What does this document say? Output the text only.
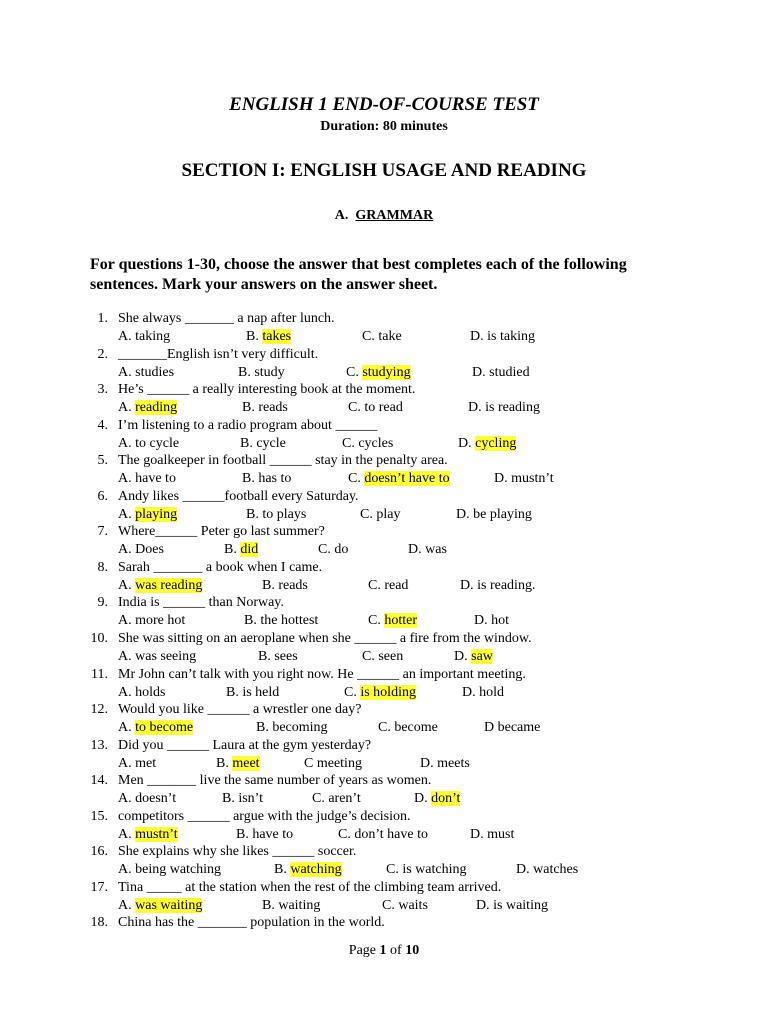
ENGLISH 1 END-OF-COURSE TEST
Duration: 80 minutes
SECTION I: ENGLISH USAGE AND READING
A. GRAMMAR
For questions 1-30, choose the answer that best completes each of the following sentences. Mark your answers on the answer sheet.
1. She always _______ a nap after lunch.
A. taking	B. takes	C. take	D. is taking
2. _______English isn’t very difficult.
A. studies	B. study	C. studying	D. studied
3. He’s ______ a really interesting book at the moment.
A. reading	B. reads	C. to read	D. is reading
4. I’m listening to a radio program about ______
A. to cycle	B. cycle	C. cycles	D. cycling
5. The goalkeeper in football ______ stay in the penalty area.
A. have to	B. has to	C. doesn’t have to	D. mustn’t
6. Andy likes ______football every Saturday.
A. playing	B. to plays	C. play	D. be playing
7. Where______ Peter go last summer?
A. Does	B. did	C. do	D. was
8. Sarah _______ a book when I came.
A. was reading	B. reads	C. read	D. is reading.
9. India is ______ than Norway.
A. more hot	B. the hottest	C. hotter	D. hot
10. She was sitting on an aeroplane when she ______ a fire from the window.
A. was seeing	B. sees	C. seen	D. saw
11. Mr John can’t talk with you right now. He ______ an important meeting.
A. holds	B. is held	C. is holding	D. hold
12. Would you like ______ a wrestler one day?
A. to become	B. becoming	C. become	D became
13. Did you ______ Laura at the gym yesterday?
A. met	B. meet	C meeting	D. meets
14. Men _______ live the same number of years as women.
A. doesn’t	B. isn’t	C. aren’t	D. don’t
15. competitors ______ argue with the judge’s decision.
A. mustn’t	B. have to	C. don’t have to	D. must
16. She explains why she likes ______ soccer.
A. being watching	B. watching	C. is watching	D. watches
17. Tina _____ at the station when the rest of the climbing team arrived.
A. was waiting	B. waiting	C. waits	D. is waiting
18. China has the _______ population in the world.
Page 1 of 10
